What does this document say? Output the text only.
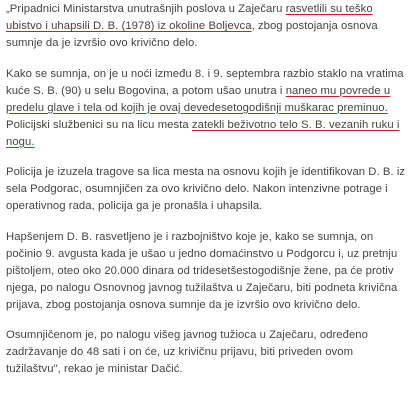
„Pripadnici Ministarstva unutrašnjih poslova u Zaječaru rasvetlili su teško ubistvo i uhapsili D. B. (1978) iz okoline Boljevca, zbog postojanja osnova sumnje da je izvršio ovo krivično delo.

Kako se sumnja, on je u noći između 8. i 9. septembra razbio staklo na vratima kuće S. B. (90) u selu Bogovina, a potom ušao unutra i naneo mu povrede u predelu glave i tela od kojih je ovaj devedesetogodišnji muškarac preminuo. Policijski službenici su na licu mesta zatekli beživotno telo S. B. vezanih ruku i nogu.

Policija je izuzela tragove sa lica mesta na osnovu kojih je identifikovan D. B. iz sela Podgorac, osumnjičen za ovo krivično delo. Nakon intenzivne potrage i operativnog rada, policija ga je pronašla i uhapsila.

Hapšenjem D. B. rasvetljeno je i razbojništvo koje je, kako se sumnja, on počinio 9. avgusta kada je ušao u jedno domaćinstvo u Podgorcu i, uz pretnju pištoljem, oteo oko 20.000 dinara od tridesetšestogodišnje žene, pa će protiv njega, po nalogu Osnovnog javnog tužilaštva u Zaječaru, biti podneta krivična prijava, zbog postojanja osnova sumnje da je izvršio ovo krivično delo.

Osumnjičenom je, po nalogu višeg javnog tužioca u Zaječaru, određeno zadržavanje do 48 sati i on će, uz krivičnu prijavu, biti priveden ovom tužilaštvu", rekao je ministar Dačić.
